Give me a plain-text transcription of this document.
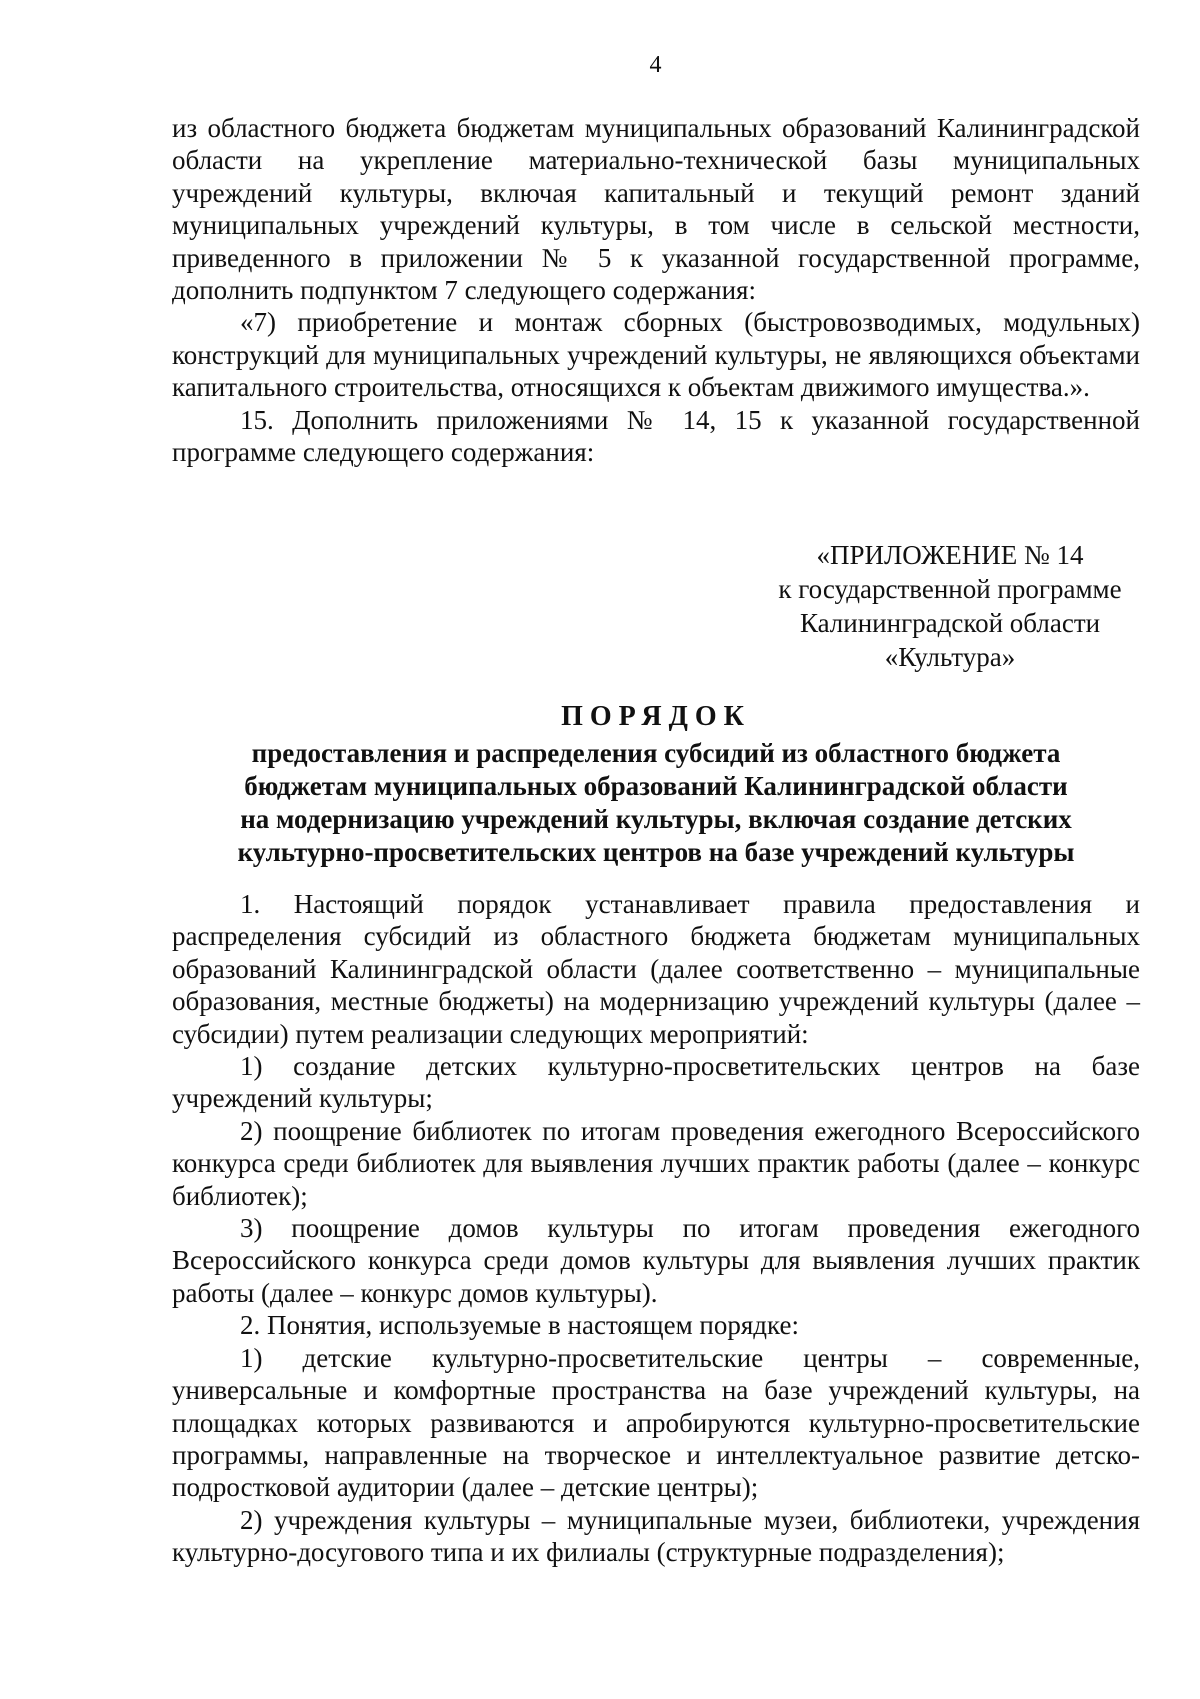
4

из областного бюджета бюджетам муниципальных образований Калининградской области на укрепление материально-технической базы муниципальных учреждений культуры, включая капитальный и текущий ремонт зданий муниципальных учреждений культуры, в том числе в сельской местности, приведенного в приложении № 5 к указанной государственной программе, дополнить подпунктом 7 следующего содержания:

«7) приобретение и монтаж сборных (быстровозводимых, модульных) конструкций для муниципальных учреждений культуры, не являющихся объектами капитального строительства, относящихся к объектам движимого имущества.».

15. Дополнить приложениями № 14, 15 к указанной государственной программе следующего содержания:

«ПРИЛОЖЕНИЕ № 14
к государственной программе
Калининградской области
«Культура»
ПОРЯДОК
предоставления и распределения субсидий из областного бюджета
бюджетам муниципальных образований Калининградской области
на модернизацию учреждений культуры, включая создание детских
культурно-просветительских центров на базе учреждений культуры

1. Настоящий порядок устанавливает правила предоставления и распределения субсидий из областного бюджета бюджетам муниципальных образований Калининградской области (далее соответственно – муниципальные образования, местные бюджеты) на модернизацию учреждений культуры (далее – субсидии) путем реализации следующих мероприятий:

1) создание детских культурно-просветительских центров на базе учреждений культуры;

2) поощрение библиотек по итогам проведения ежегодного Всероссийского конкурса среди библиотек для выявления лучших практик работы (далее – конкурс библиотек);

3) поощрение домов культуры по итогам проведения ежегодного Всероссийского конкурса среди домов культуры для выявления лучших практик работы (далее – конкурс домов культуры).

2. Понятия, используемые в настоящем порядке:

1) детские культурно-просветительские центры – современные, универсальные и комфортные пространства на базе учреждений культуры, на площадках которых развиваются и апробируются культурно-просветительские программы, направленные на творческое и интеллектуальное развитие детско-подростковой аудитории (далее – детские центры);

2) учреждения культуры – муниципальные музеи, библиотеки, учреждения культурно-досугового типа и их филиалы (структурные подразделения);
